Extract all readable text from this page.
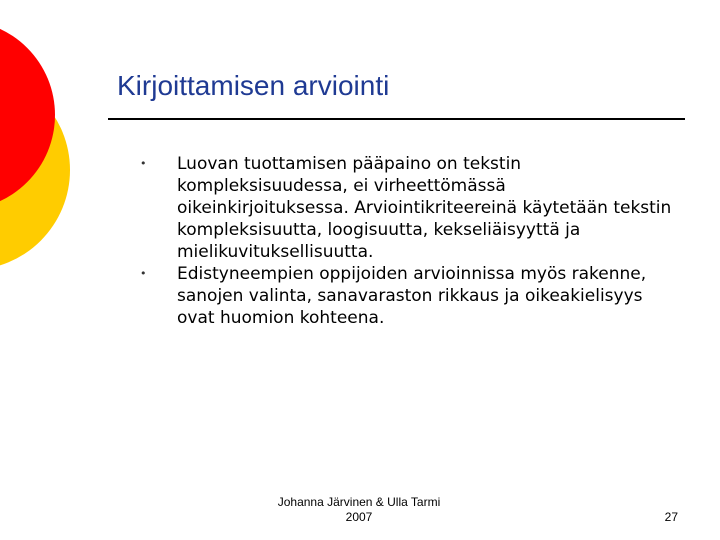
Kirjoittamisen arviointi
• Luovan tuottamisen pääpaino on tekstin kompleksisuudessa, ei virheettömässä oikeinkirjoituksessa. Arviointikriteereinä käytetään tekstin kompleksisuutta, loogisuutta, kekseliäisyyttä ja mielikuvituksellisuutta.
• Edistyneempien oppijoiden arvioinnissa myös rakenne, sanojen valinta, sanavaraston rikkaus ja oikeakielisyys ovat huomion kohteena.
Johanna Järvinen & Ulla Tarmi
2007	27
